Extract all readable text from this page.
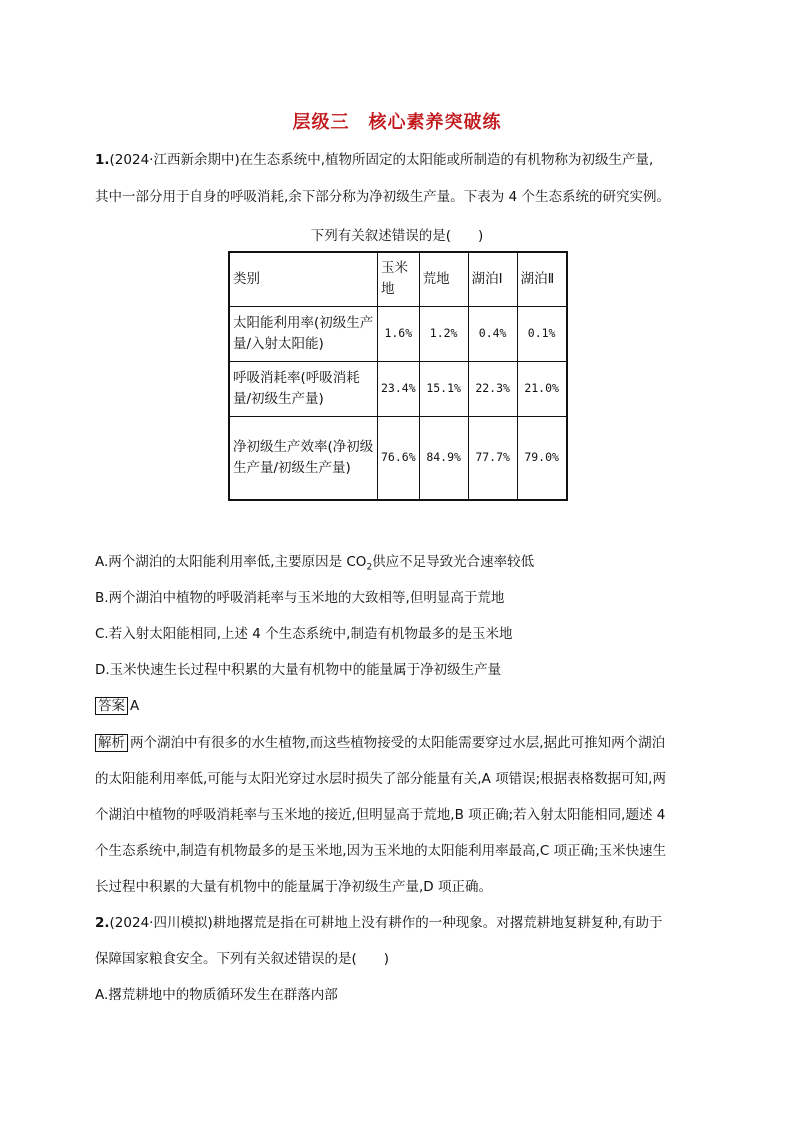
层级三　核心素养突破练
1.(2024·江西新余期中)在生态系统中,植物所固定的太阳能或所制造的有机物称为初级生产量,
其中一部分用于自身的呼吸消耗,余下部分称为净初级生产量。下表为 4 个生态系统的研究实例。
下列有关叙述错误的是(　　)
类别	玉米地	荒地	湖泊Ⅰ	湖泊Ⅱ
太阳能利用率(初级生产量/入射太阳能)	1.6%	1.2%	0.4%	0.1%
呼吸消耗率(呼吸消耗量/初级生产量)	23.4%	15.1%	22.3%	21.0%
净初级生产效率(净初级生产量/初级生产量)	76.6%	84.9%	77.7%	79.0%
A.两个湖泊的太阳能利用率低,主要原因是 $CO_2$供应不足导致光合速率较低
B.两个湖泊中植物的呼吸消耗率与玉米地的大致相等,但明显高于荒地
C.若入射太阳能相同,上述 4 个生态系统中,制造有机物最多的是玉米地
D.玉米快速生长过程中积累的大量有机物中的能量属于净初级生产量
答案 A
解析 两个湖泊中有很多的水生植物,而这些植物接受的太阳能需要穿过水层,据此可推知两个湖泊
的太阳能利用率低,可能与太阳光穿过水层时损失了部分能量有关,A 项错误;根据表格数据可知,两
个湖泊中植物的呼吸消耗率与玉米地的接近,但明显高于荒地,B 项正确;若入射太阳能相同,题述 4
个生态系统中,制造有机物最多的是玉米地,因为玉米地的太阳能利用率最高,C 项正确;玉米快速生
长过程中积累的大量有机物中的能量属于净初级生产量,D 项正确。
2.(2024·四川模拟)耕地撂荒是指在可耕地上没有耕作的一种现象。对撂荒耕地复耕复种,有助于
保障国家粮食安全。下列有关叙述错误的是(　　)
A.撂荒耕地中的物质循环发生在群落内部
